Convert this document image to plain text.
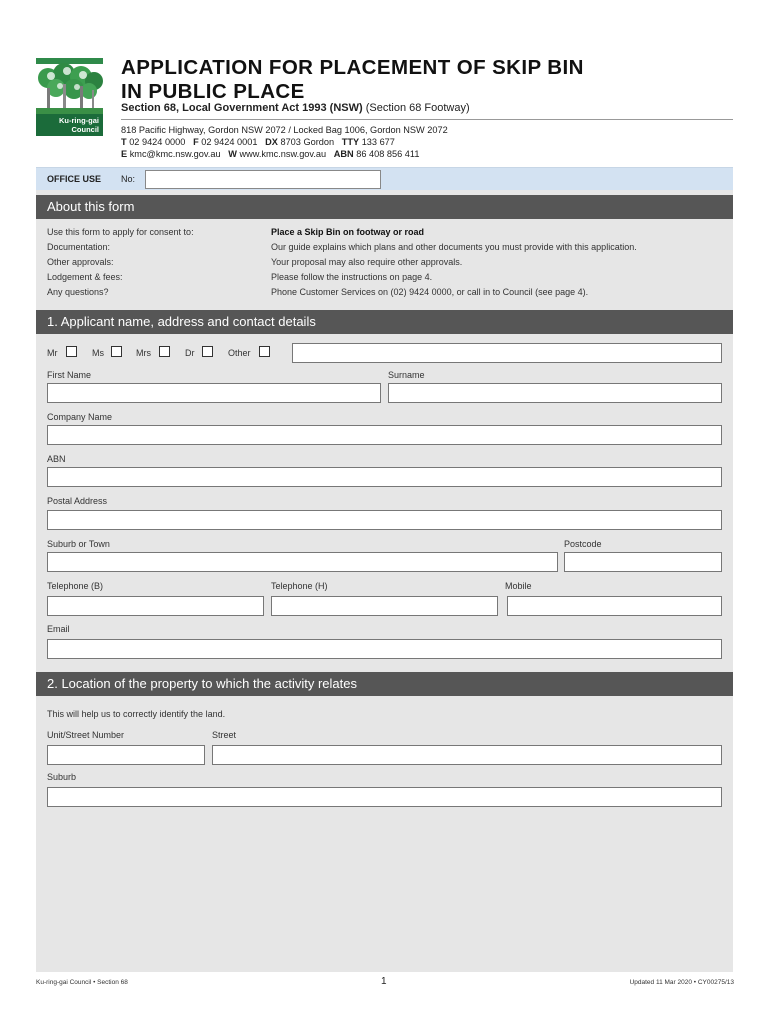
Ku-ring-gai
Council
APPLICATION FOR PLACEMENT OF SKIP BIN
IN PUBLIC PLACE
Section 68, Local Government Act 1993 (NSW) (Section 68 Footway)
818 Pacific Highway, Gordon NSW 2072 / Locked Bag 1006, Gordon NSW 2072
T 02 9424 0000 F 02 9424 0001 DX 8703 Gordon TTY 133 677
E kmc@kmc.nsw.gov.au W www.kmc.nsw.gov.au ABN 86 408 856 411
OFFICE USE No:
About this form
Use this form to apply for consent to:	Place a Skip Bin on footway or road
Documentation:	Our guide explains which plans and other documents you must provide with this application.
Other approvals:	Your proposal may also require other approvals.
Lodgement & fees:	Please follow the instructions on page 4.
Any questions?	Phone Customer Services on (02) 9424 0000, or call in to Council (see page 4).
1. Applicant name, address and contact details
Mr	Ms	Mrs	Dr	Other
First Name	Surname
Company Name
ABN
Postal Address
Suburb or Town	Postcode
Telephone (B)	Telephone (H)	Mobile
Email
2. Location of the property to which the activity relates
This will help us to correctly identify the land.
Unit/Street Number	Street
Suburb
Ku-ring-gai Council • Section 68	1	Updated 11 Mar 2020 • CY00275/13
